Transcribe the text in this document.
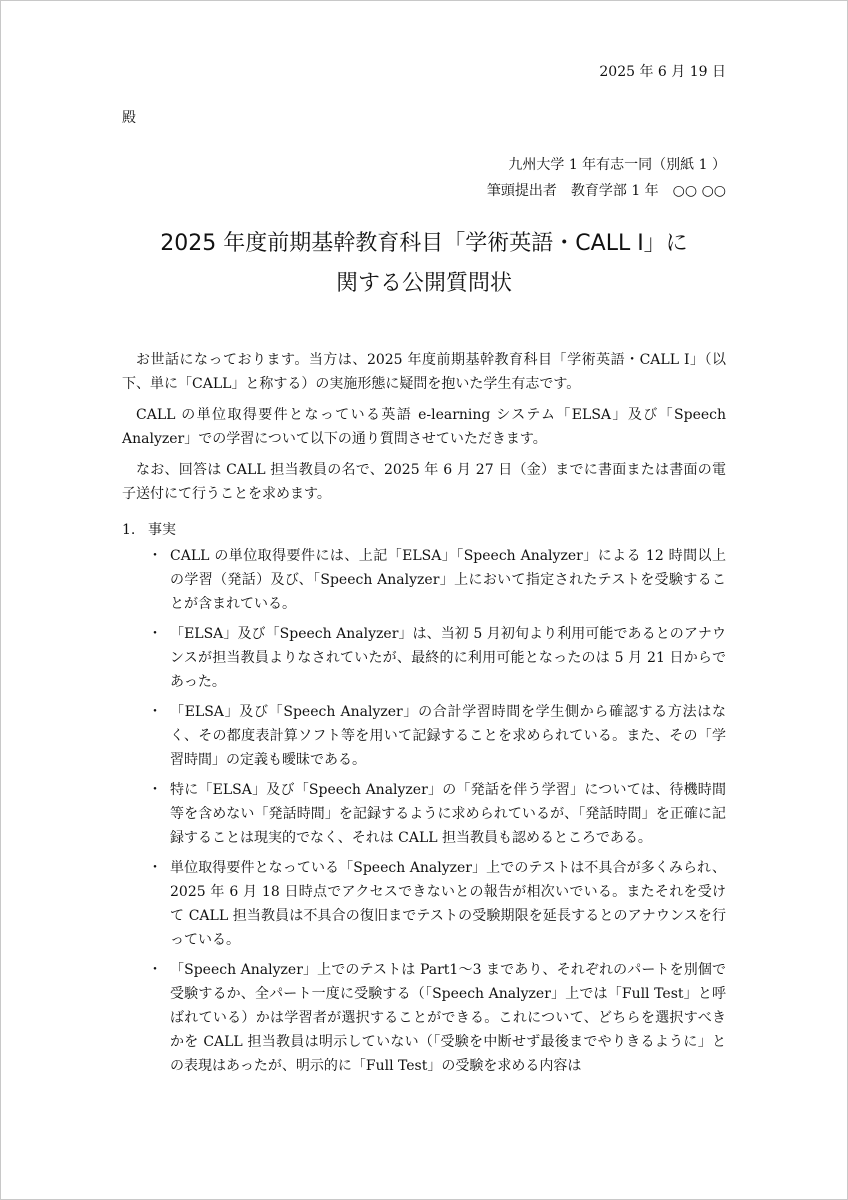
2025 年 6 月 19 日
殿
九州大学 1 年有志一同（別紙 1 ）
筆頭提出者　教育学部 1 年　○○ ○○
2025 年度前期基幹教育科目「学術英語・CALL Ⅰ」に
関する公開質問状

お世話になっております。当方は、2025 年度前期基幹教育科目「学術英語・CALL Ⅰ」（以下、単に「CALL」と称する）の実施形態に疑問を抱いた学生有志です。

CALL の単位取得要件となっている英語 e-learning システム「ELSA」及び「Speech Analyzer」での学習について以下の通り質問させていただきます。

なお、回答は CALL 担当教員の名で、2025 年 6 月 27 日（金）までに書面または書面の電子送付にて行うことを求めます。

1. 事実
・ CALL の単位取得要件には、上記「ELSA」「Speech Analyzer」による 12 時間以上の学習（発話）及び、「Speech Analyzer」上において指定されたテストを受験することが含まれている。
・ 「ELSA」及び「Speech Analyzer」は、当初 5 月初旬より利用可能であるとのアナウンスが担当教員よりなされていたが、最終的に利用可能となったのは 5 月 21 日からであった。
・ 「ELSA」及び「Speech Analyzer」の合計学習時間を学生側から確認する方法はなく、その都度表計算ソフト等を用いて記録することを求められている。また、その「学習時間」の定義も曖昧である。
・ 特に「ELSA」及び「Speech Analyzer」の「発話を伴う学習」については、待機時間等を含めない「発話時間」を記録するように求められているが、「発話時間」を正確に記録することは現実的でなく、それは CALL 担当教員も認めるところである。
・ 単位取得要件となっている「Speech Analyzer」上でのテストは不具合が多くみられ、2025 年 6 月 18 日時点でアクセスできないとの報告が相次いでいる。またそれを受けて CALL 担当教員は不具合の復旧までテストの受験期限を延長するとのアナウンスを行っている。
・ 「Speech Analyzer」上でのテストは Part1〜3 まであり、それぞれのパートを別個で受験するか、全パート一度に受験する（「Speech Analyzer」上では「Full Test」と呼ばれている）かは学習者が選択することができる。これについて、どちらを選択すべきかを CALL 担当教員は明示していない（「受験を中断せず最後までやりきるように」との表現はあったが、明示的に「Full Test」の受験を求める内容は
